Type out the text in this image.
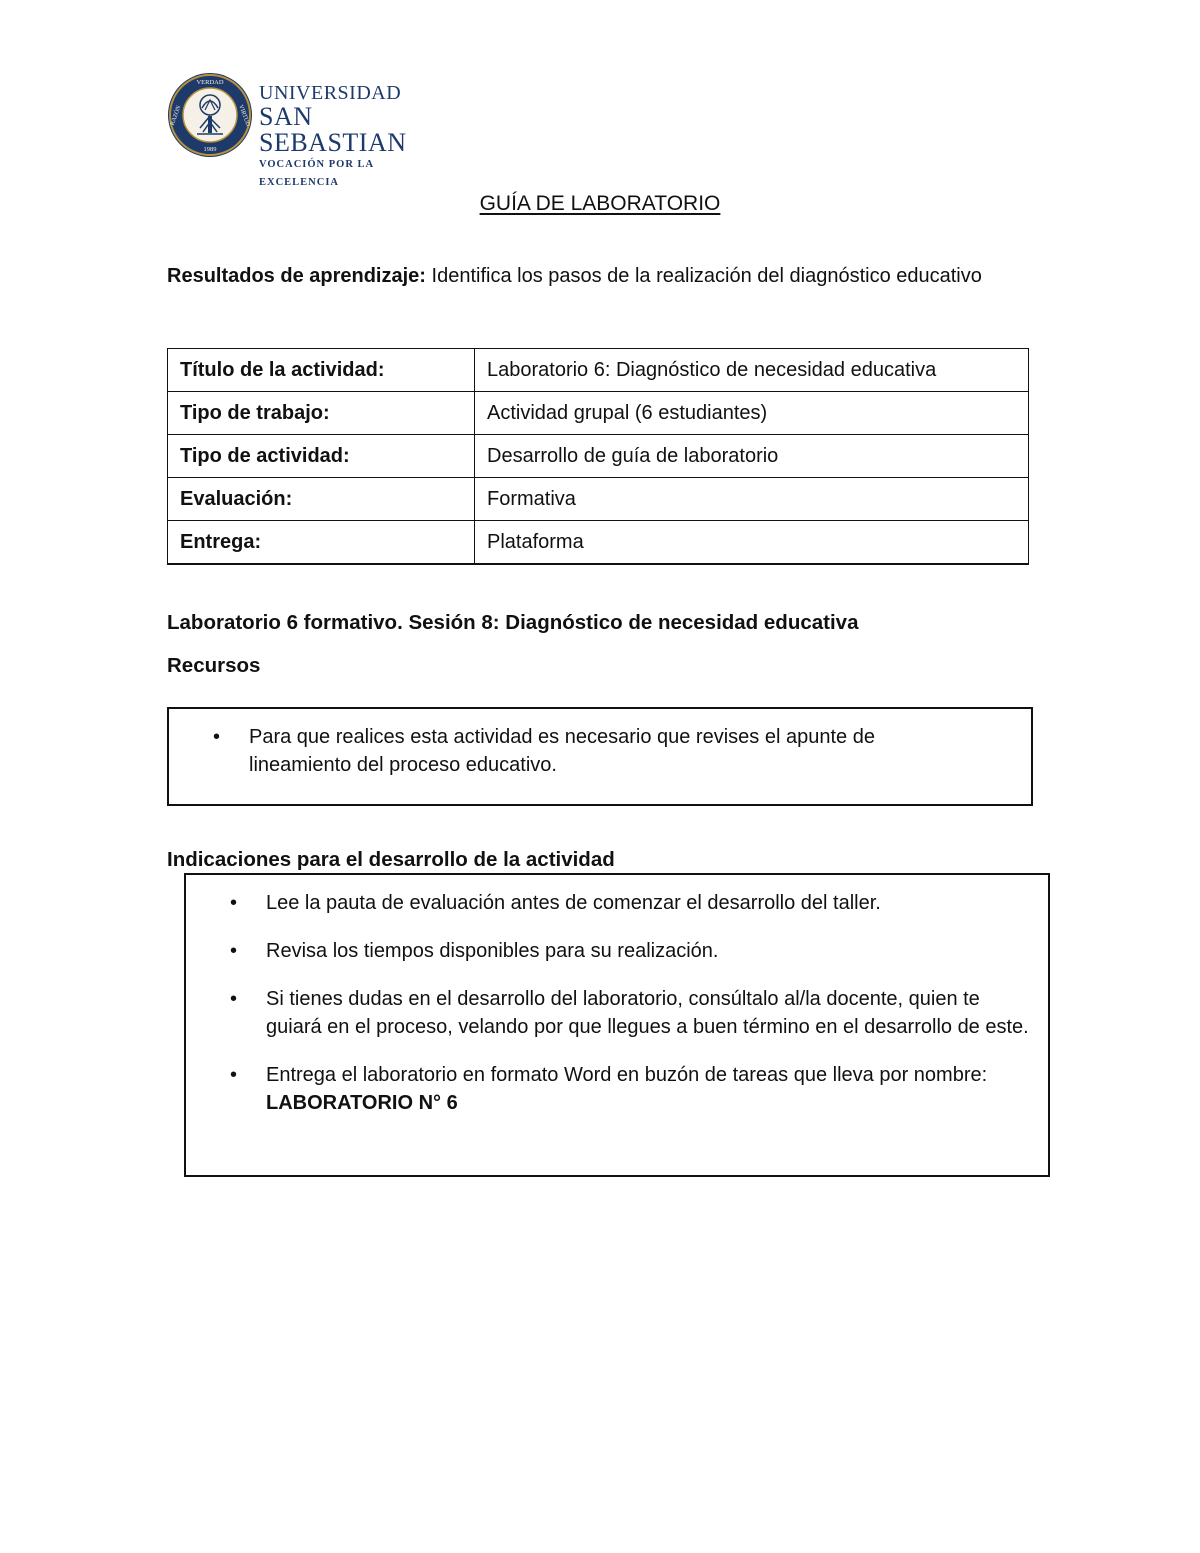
VERDAD
RAZÓN	VIRTUD
1989
UNIVERSIDAD
SAN SEBASTIAN
VOCACIÓN POR LA EXCELENCIA
GUÍA DE LABORATORIO
Resultados de aprendizaje: Identifica los pasos de la realización del diagnóstico educativo
Título de la actividad:	Laboratorio 6: Diagnóstico de necesidad educativa
Tipo de trabajo:	Actividad grupal (6 estudiantes)
Tipo de actividad:	Desarrollo de guía de laboratorio
Evaluación:	Formativa
Entrega:	Plataforma
Laboratorio 6 formativo. Sesión 8: Diagnóstico de necesidad educativa
Recursos
• Para que realices esta actividad es necesario que revises el apunte de lineamiento del proceso educativo.
Indicaciones para el desarrollo de la actividad
• Lee la pauta de evaluación antes de comenzar el desarrollo del taller.
• Revisa los tiempos disponibles para su realización.
• Si tienes dudas en el desarrollo del laboratorio, consúltalo al/la docente, quien te guiará en el proceso, velando por que llegues a buen término en el desarrollo de este.
• Entrega el laboratorio en formato Word en buzón de tareas que lleva por nombre:
LABORATORIO N° 6
